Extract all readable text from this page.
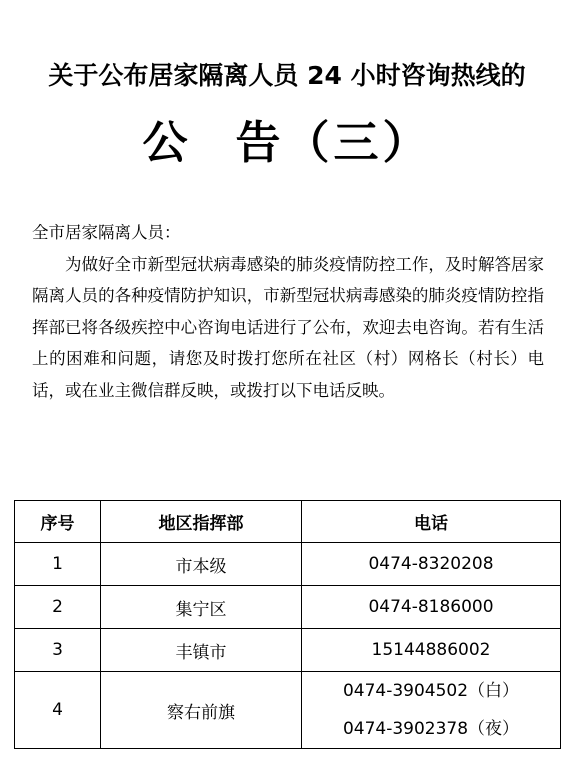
关于公布居家隔离人员 24 小时咨询热线的
公 告（三）

全市居家隔离人员：

为做好全市新型冠状病毒感染的肺炎疫情防控工作，及时解答居家隔离人员的各种疫情防护知识，市新型冠状病毒感染的肺炎疫情防控指挥部已将各级疾控中心咨询电话进行了公布，欢迎去电咨询。若有生活上的困难和问题，请您及时拨打您所在社区（村）网格长（村长）电话，或在业主微信群反映，或拨打以下电话反映。

序号	地区指挥部	电话
1	市本级	0474-8320208
2	集宁区	0474-8186000
3	丰镇市	15144886002
4	察右前旗	0474-3904502（白）
0474-3902378（夜）
